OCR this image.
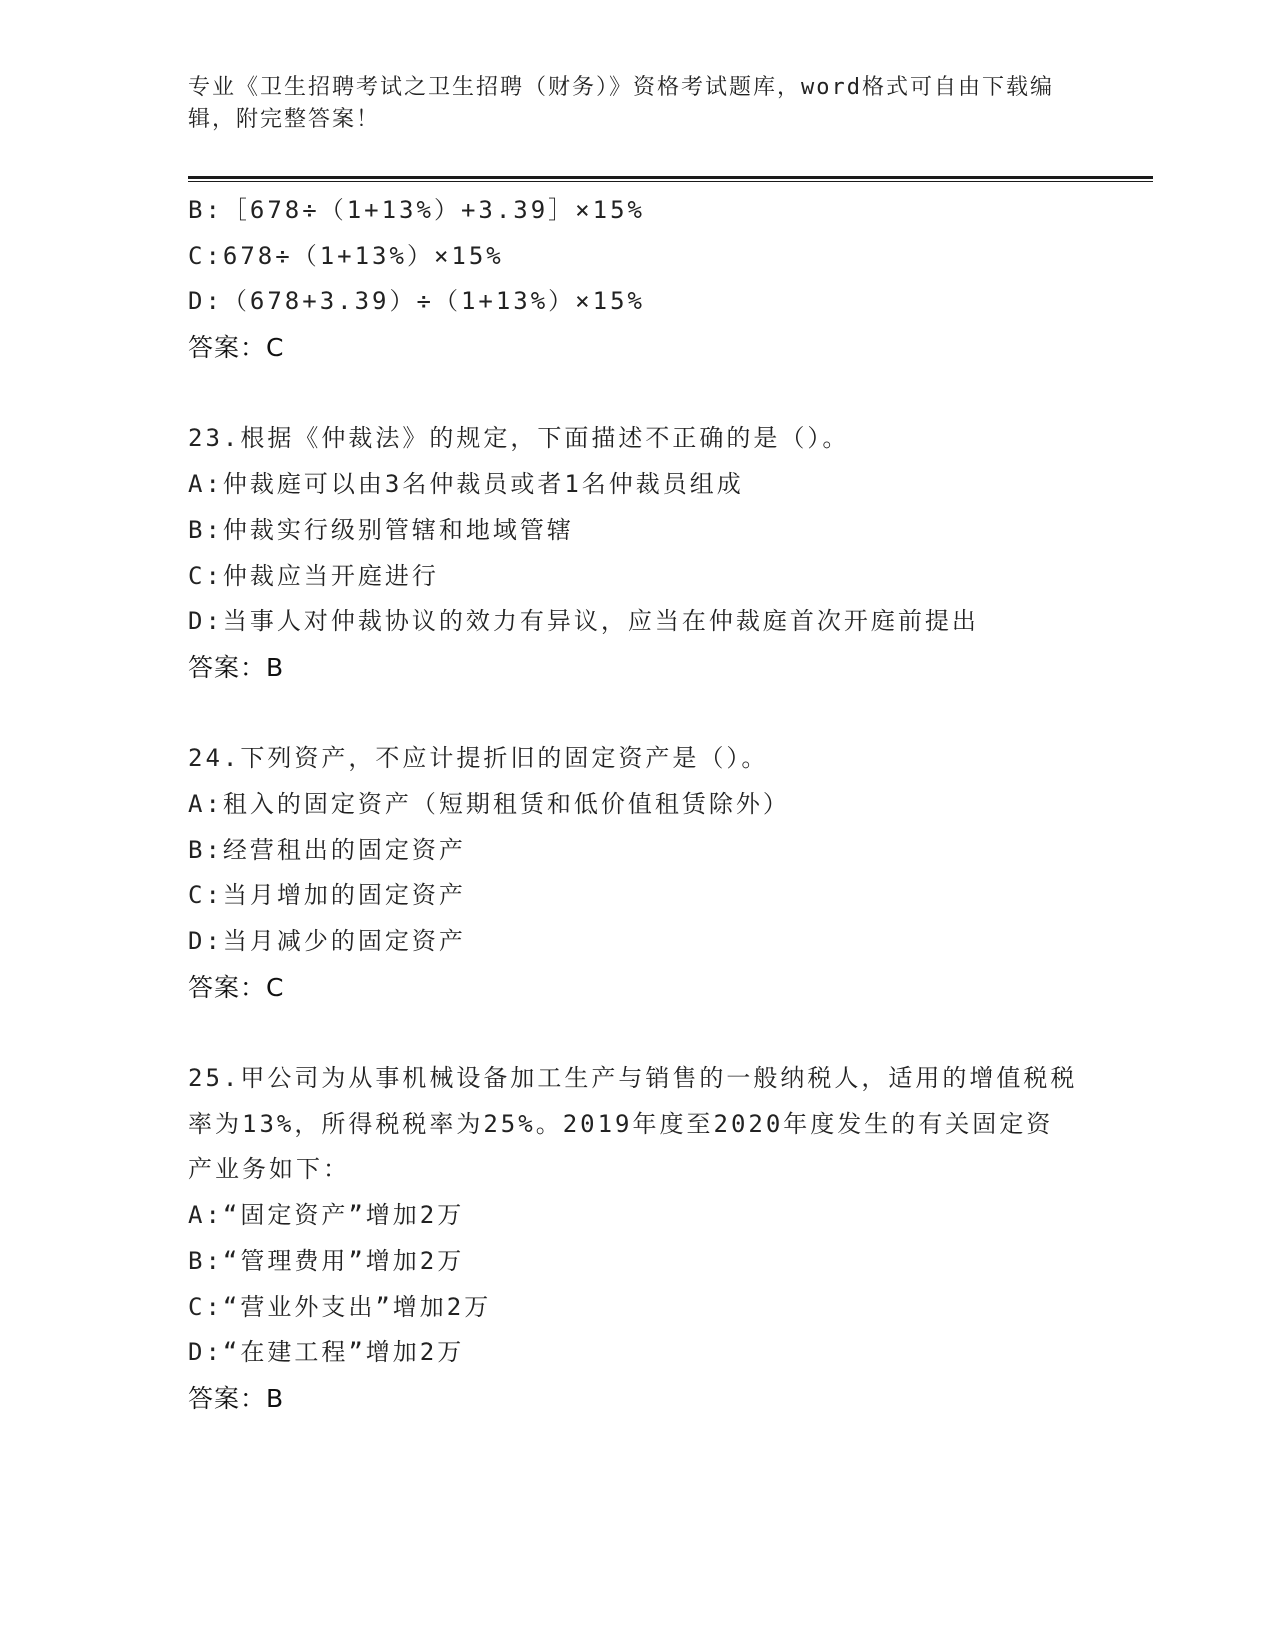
专业《卫生招聘考试之卫生招聘（财务）》资格考试题库，word格式可自由下载编辑，附完整答案！
B:［678÷（1+13%）+3.39］×15%
C:678÷（1+13%）×15%
D:（678+3.39）÷（1+13%）×15%
答案：C
23.根据《仲裁法》的规定，下面描述不正确的是（）。
A:仲裁庭可以由3名仲裁员或者1名仲裁员组成
B:仲裁实行级别管辖和地域管辖
C:仲裁应当开庭进行
D:当事人对仲裁协议的效力有异议，应当在仲裁庭首次开庭前提出
答案：B
24.下列资产，不应计提折旧的固定资产是（）。
A:租入的固定资产（短期租赁和低价值租赁除外）
B:经营租出的固定资产
C:当月增加的固定资产
D:当月减少的固定资产
答案：C
25.甲公司为从事机械设备加工生产与销售的一般纳税人，适用的增值税税率为13%，所得税税率为25%。2019年度至2020年度发生的有关固定资产业务如下：
A:“固定资产”增加2万
B:“管理费用”增加2万
C:“营业外支出”增加2万
D:“在建工程”增加2万
答案：B
